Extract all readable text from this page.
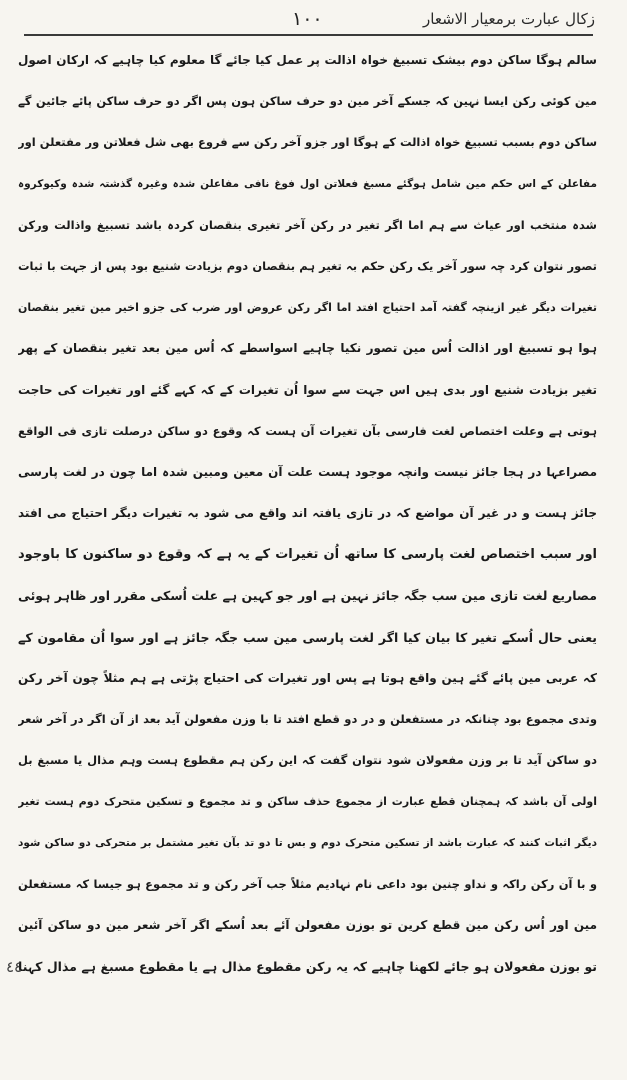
زکال عبارت برمعیار الاشعار
١٠٠
سالم ہوگا ساکن دوم بیشک تسبیغ خواہ اذالت پر عمل کیا جائے گا معلوم کیا چاہیے کہ ارکان اصول
مین کوئی رکن ایسا نہین کہ جسکے آخر مین دو حرف ساکن ہون پس اگر دو حرف ساکن پائے جائین گے
ساکن دوم بسبب تسبیغ خواہ اذالت کے ہوگا اور جزو آخر رکن سے فروع بھی شل فعلاتن ور مفتعلن اور
مفاعلن کے اس حکم مین شامل ہوگئے مسبغ فعلاتن اول فوغ نافی مفاعلن شدہ وغیرہ گذشتہ شدہ وکیوکروہ
شدہ منتخب اور عیاث سے ہم اما اگر تغیر در رکن آخر تغیری بنقصان کردہ باشد تسبیغ واذالت ورکن
تصور نتوان کرد چہ سور آخر یک رکن حکم بہ تغیر ہم بنقصان دوم بزیادت شنیع بود پس از جہت با ثبات
تغیرات دیگر غیر ازینچہ گفتہ آمد احتیاج افتد اما اگر رکن عروض اور ضرب کی جزو اخیر مین تغیر بنقصان
ہوا ہو تسبیغ اور اذالت اُس مین تصور نکیا چاہیے اسواسطے کہ اُس مین بعد تغیر بنقصان کے پھر
تغیر بزیادت شنیع اور بدی ہیں اس جہت سے سوا اُن تغیرات کے کہ کہے گئے اور تغیرات کی حاجت
ہوتی ہے وعلت اختصاص لغت فارسی بآن تغیرات آن ہست کہ وقوع دو ساکن درصلت تازی فی الواقع
مصراعہا در ہجا جائز نیست وانچہ موجود ہست علت آن معین ومبین شدہ اما چون در لغت پارسی
جائز ہست و در غیر آن مواضع کہ در تازی یافتہ اند واقع می شود بہ تغیرات دیگر احتیاج می افتد
اور سبب اختصاص لغت پارسی کا ساتھ اُن تغیرات کے یہ ہے کہ وقوع دو ساکنون کا باوجود
مصاریع لغت تازی مین سب جگہ جائز نہین ہے اور جو کہین ہے علت اُسکی مقرر اور ظاہر ہوئی
یعنی حال اُسکے تغیر کا بیان کیا اگر لغت پارسی مین سب جگہ جائز ہے اور سوا اُن مقامون کے
کہ عربی مین پائے گئے ہین واقع ہوتا ہے پس اور تغیرات کی احتیاج پڑتی ہے ہم مثلاً چون آخر رکن
وتدی مجموع بود چنانکہ در مستفعلن و در دو قطع افتد تا با وزن مفعولن آید بعد از آن اگر در آخر شعر
دو ساکن آید تا بر وزن مفعولان شود نتوان گفت کہ این رکن ہم مقطوع ہست وہم مذال یا مسبغ بل
اولی آن باشد کہ ہمچنان قطع عبارت از مجموع حذف ساکن و تد مجموع و تسکین متحرک دوم ہست تغیر
دیگر اثبات کنند کہ عبارت باشد از تسکین متحرک دوم و بس تا دو تد بآن تغیر مشتمل بر متحرکی دو ساکن شود
و با آن رکن راکہ و نداو چنین بود داعی نام نہادیم مثلاً جب آخر رکن و تد مجموع ہو جیسا کہ مستفعلن
مین اور اُس رکن مین قطع کرین تو بوزن مفعولن آئے بعد اُسکے اگر آخر شعر مین دو ساکن آئین
تو بوزن مفعولان ہو جائے لکھنا چاہیے کہ یہ رکن مقطوع مذال ہے یا مقطوع مسبغ ہے مذال کہنا
٤٤
